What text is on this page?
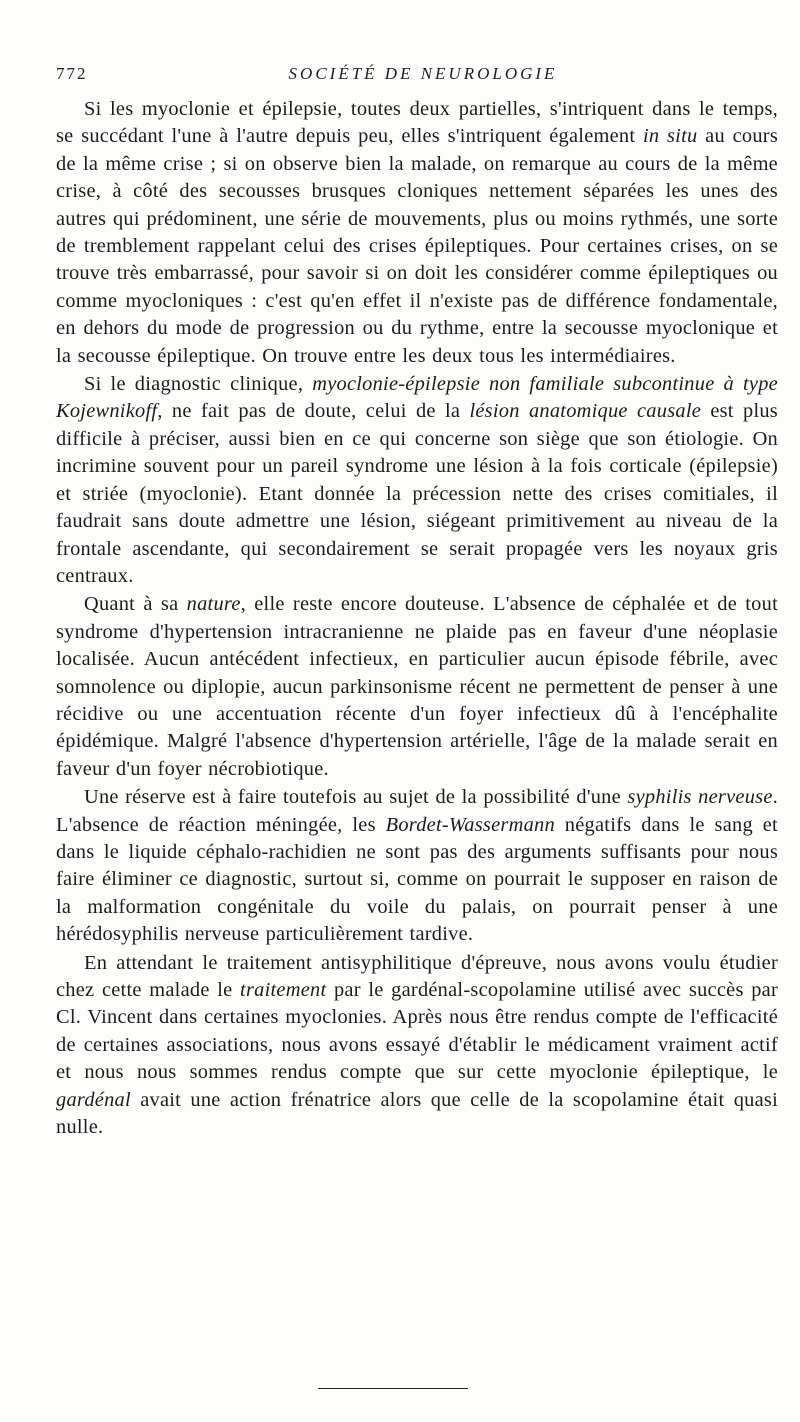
772	SOCIÉTÉ DE NEUROLOGIE

Si les myoclonie et épilepsie, toutes deux partielles, s'intriquent dans le temps, se succédant l'une à l'autre depuis peu, elles s'intriquent également in situ au cours de la même crise ; si on observe bien la malade, on remarque au cours de la même crise, à côté des secousses brusques cloniques nettement séparées les unes des autres qui prédominent, une série de mouvements, plus ou moins rythmés, une sorte de tremblement rappelant celui des crises épileptiques. Pour certaines crises, on se trouve très embarrassé, pour savoir si on doit les considérer comme épileptiques ou comme myocloniques : c'est qu'en effet il n'existe pas de différence fondamentale, en dehors du mode de progression ou du rythme, entre la secousse myoclonique et la secousse épileptique. On trouve entre les deux tous les intermédiaires.

Si le diagnostic clinique, myoclonie-épilepsie non familiale subcontinue à type Kojewnikoff, ne fait pas de doute, celui de la lésion anatomique causale est plus difficile à préciser, aussi bien en ce qui concerne son siège que son étiologie. On incrimine souvent pour un pareil syndrome une lésion à la fois corticale (épilepsie) et striée (myoclonie). Etant donnée la précession nette des crises comitiales, il faudrait sans doute admettre une lésion, siégeant primitivement au niveau de la frontale ascendante, qui secondairement se serait propagée vers les noyaux gris centraux.

Quant à sa nature, elle reste encore douteuse. L'absence de céphalée et de tout syndrome d'hypertension intracranienne ne plaide pas en faveur d'une néoplasie localisée. Aucun antécédent infectieux, en particulier aucun épisode fébrile, avec somnolence ou diplopie, aucun parkinsonisme récent ne permettent de penser à une récidive ou une accentuation récente d'un foyer infectieux dû à l'encéphalite épidémique. Malgré l'absence d'hypertension artérielle, l'âge de la malade serait en faveur d'un foyer nécrobiotique.

Une réserve est à faire toutefois au sujet de la possibilité d'une syphilis nerveuse. L'absence de réaction méningée, les Bordet-Wassermann négatifs dans le sang et dans le liquide céphalo-rachidien ne sont pas des arguments suffisants pour nous faire éliminer ce diagnostic, surtout si, comme on pourrait le supposer en raison de la malformation congénitale du voile du palais, on pourrait penser à une hérédosyphilis nerveuse particulièrement tardive.

En attendant le traitement antisyphilitique d'épreuve, nous avons voulu étudier chez cette malade le traitement par le gardénal-scopolamine utilisé avec succès par Cl. Vincent dans certaines myoclonies. Après nous être rendus compte de l'efficacité de certaines associations, nous avons essayé d'établir le médicament vraiment actif et nous nous sommes rendus compte que sur cette myoclonie épileptique, le gardénal avait une action frénatrice alors que celle de la scopolamine était quasi nulle.
